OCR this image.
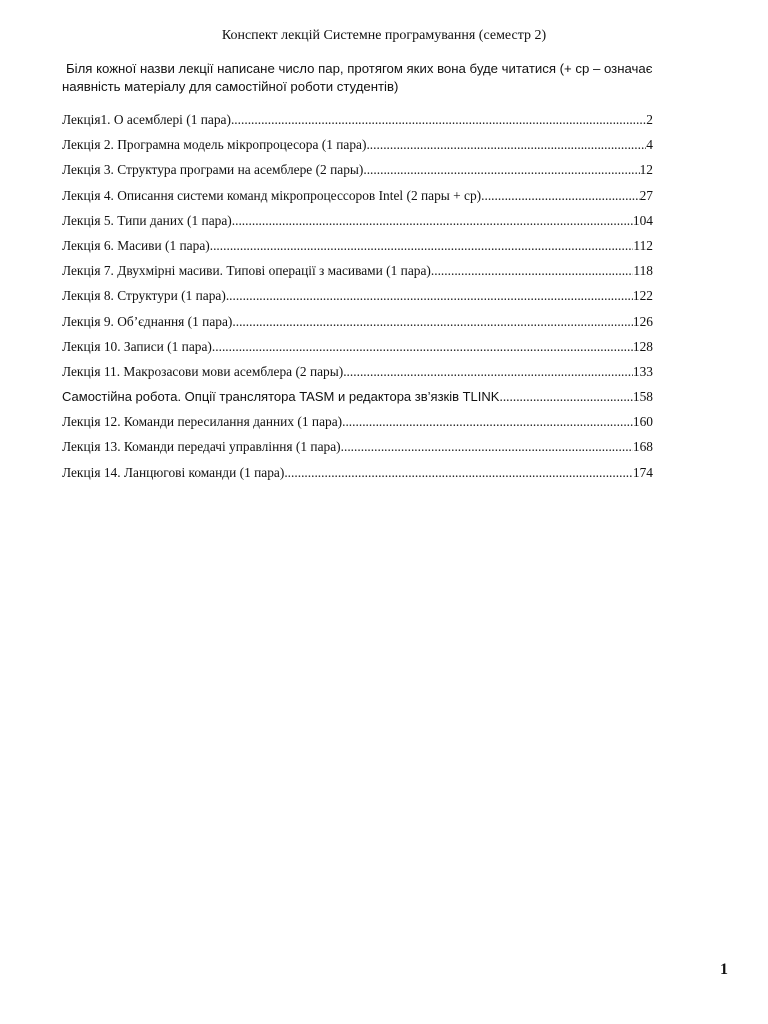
Конспект лекцій Системне програмування (семестр 2)
Біля кожної назви лекції написане число пар, протягом яких вона буде читатися (+ ср – означає
наявність матеріалу для самостійної роботи студентів)
Лекція1. О асемблері (1 пара) .....	2
Лекція 2. Програмна модель мікропроцесора (1 пара) .....	4
Лекція 3. Структура програми на асемблере (2 пары) .....	12
Лекція 4. Описання системи команд мікропроцессоров Intel (2 пары + ср) .....	27
Лекція 5. Типи даних (1 пара) .....	104
Лекція 6. Масиви (1 пара) .....	112
Лекція 7. Двухмірні масиви. Типові операції з масивами (1 пара) .....	118
Лекція 8. Структури (1 пара) .....	122
Лекція 9. Об’єднання (1 пара) .....	126
Лекція 10. Записи (1 пара) .....	128
Лекція 11. Макрозасови мови асемблера (2 пары) .....	133
Самостійна робота. Опції транслятора TASM и редактора зв’язків TLINK .....	158
Лекція 12. Команди пересилання данних (1 пара) .....	160
Лекція 13. Команди передачі управління (1 пара) .....	168
Лекція 14. Ланцюгові команди (1 пара) .....	174
1
